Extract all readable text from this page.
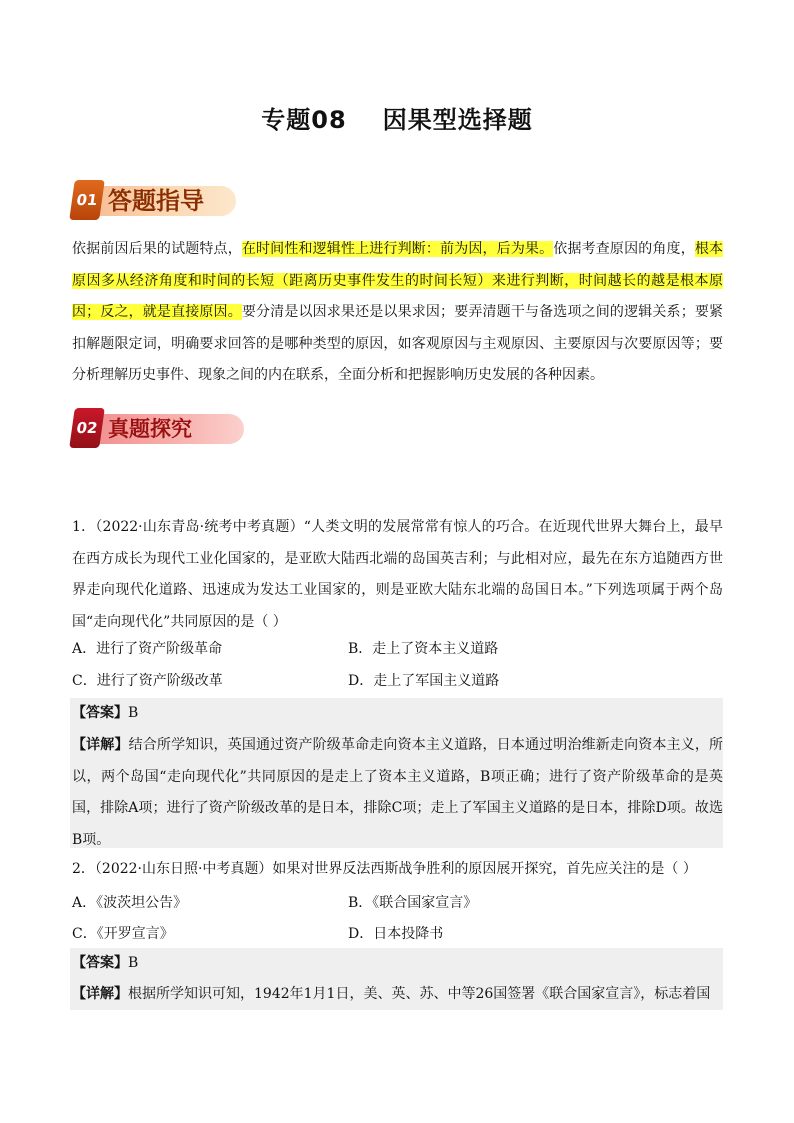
专题08 因果型选择题
01 答题指导
依据前因后果的试题特点，在时间性和逻辑性上进行判断：前为因，后为果。依据考查原因的角度，根本原因多从经济角度和时间的长短（距离历史事件发生的时间长短）来进行判断，时间越长的越是根本原因；反之，就是直接原因。要分清是以因求果还是以果求因；要弄清题干与备选项之间的逻辑关系；要紧扣解题限定词，明确要求回答的是哪种类型的原因，如客观原因与主观原因、主要原因与次要原因等；要分析理解历史事件、现象之间的内在联系，全面分析和把握影响历史发展的各种因素。
02 真题探究
1．（2022·山东青岛·统考中考真题）“人类文明的发展常常有惊人的巧合。在近现代世界大舞台上，最早在西方成长为现代工业化国家的，是亚欧大陆西北端的岛国英吉利；与此相对应，最先在东方追随西方世界走向现代化道路、迅速成为发达工业国家的，则是亚欧大陆东北端的岛国日本。”下列选项属于两个岛国“走向现代化”共同原因的是（ ）
A．进行了资产阶级革命	B．走上了资本主义道路
C．进行了资产阶级改革	D．走上了军国主义道路
【答案】B
【详解】结合所学知识，英国通过资产阶级革命走向资本主义道路，日本通过明治维新走向资本主义，所以，两个岛国“走向现代化”共同原因的是走上了资本主义道路，B项正确；进行了资产阶级革命的是英国，排除A项；进行了资产阶级改革的是日本，排除C项；走上了军国主义道路的是日本，排除D项。故选B项。
2．（2022·山东日照·中考真题）如果对世界反法西斯战争胜利的原因展开探究，首先应关注的是（ ）
A．《波茨坦公告》	B．《联合国家宣言》
C．《开罗宣言》	D．日本投降书
【答案】B
【详解】根据所学知识可知，1942年1月1日，美、英、苏、中等26国签署《联合国家宣言》，标志着国
